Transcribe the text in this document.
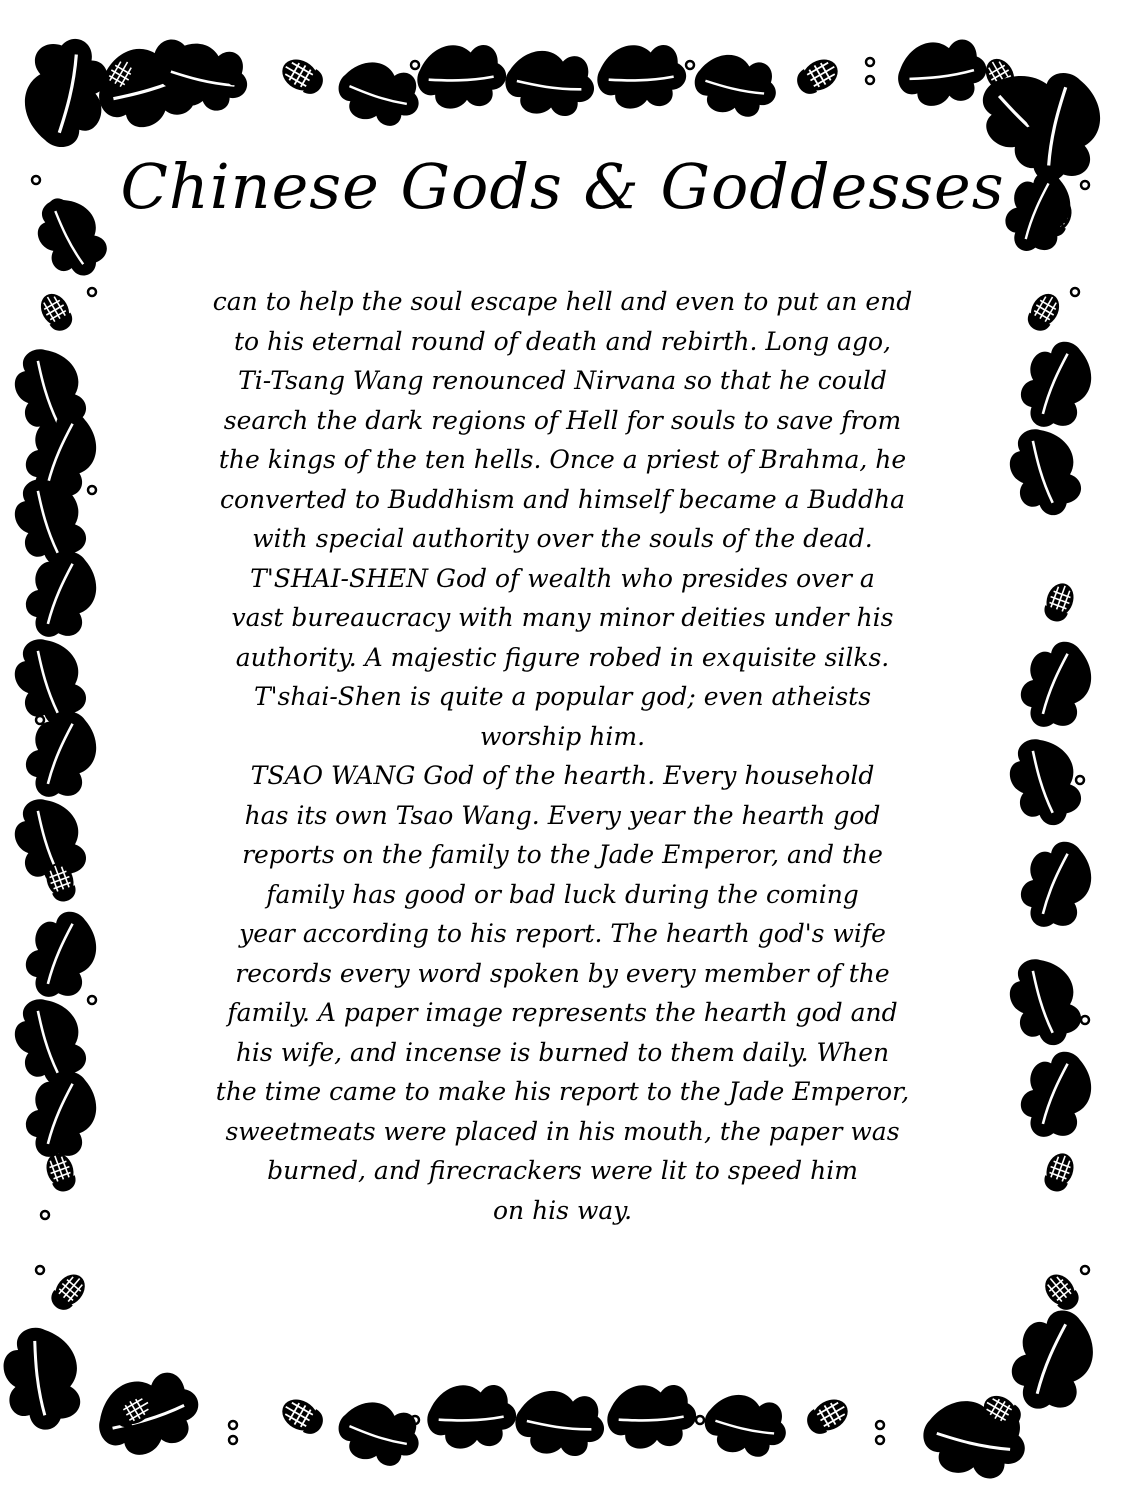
Chinese Gods & Goddesses
can to help the soul escape hell and even to put an end
to his eternal round of death and rebirth. Long ago,
Ti-Tsang Wang renounced Nirvana so that he could
search the dark regions of Hell for souls to save from
the kings of the ten hells. Once a priest of Brahma, he
converted to Buddhism and himself became a Buddha
with special authority over the souls of the dead.
T'SHAI-SHEN God of wealth who presides over a
vast bureaucracy with many minor deities under his
authority. A majestic figure robed in exquisite silks.
T'shai-Shen is quite a popular god; even atheists
worship him.
TSAO WANG God of the hearth. Every household
has its own Tsao Wang. Every year the hearth god
reports on the family to the Jade Emperor, and the
family has good or bad luck during the coming
year according to his report. The hearth god's wife
records every word spoken by every member of the
family. A paper image represents the hearth god and
his wife, and incense is burned to them daily. When
the time came to make his report to the Jade Emperor,
sweetmeats were placed in his mouth, the paper was
burned, and firecrackers were lit to speed him
on his way.
